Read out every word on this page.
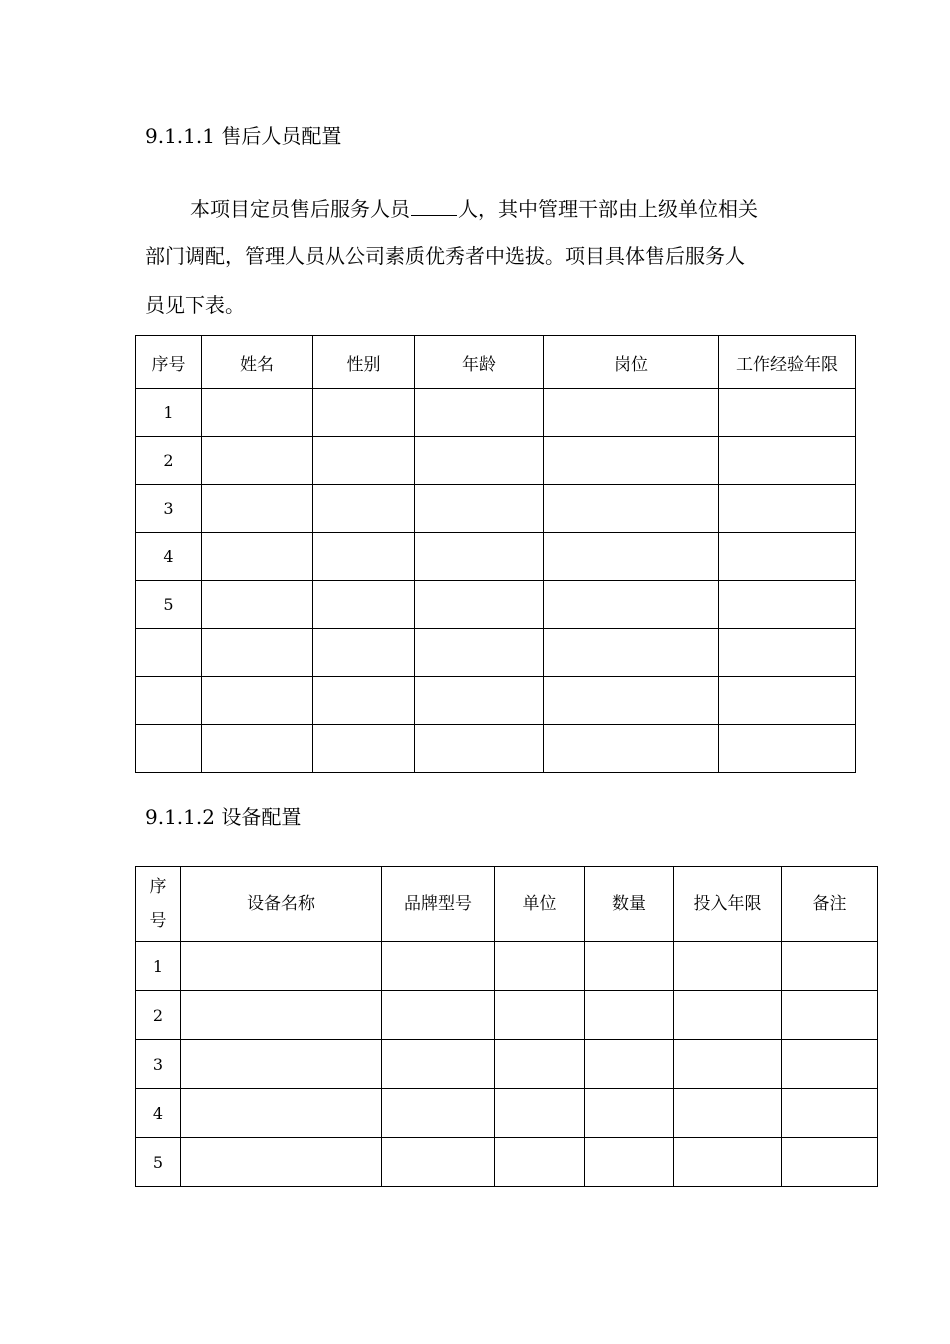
9.1.1.1 售后人员配置
本项目定员售后服务人员 人，其中管理干部由上级单位相关
部门调配，管理人员从公司素质优秀者中选拔。项目具体售后服务人
员见下表。
序号	姓名	性别	年龄	岗位	工作经验年限
1					
2					
3					
4					
5					

9.1.1.2 设备配置
序
号	设备名称	品牌型号	单位	数量	投入年限	备注
1						
2						
3						
4						
5						
